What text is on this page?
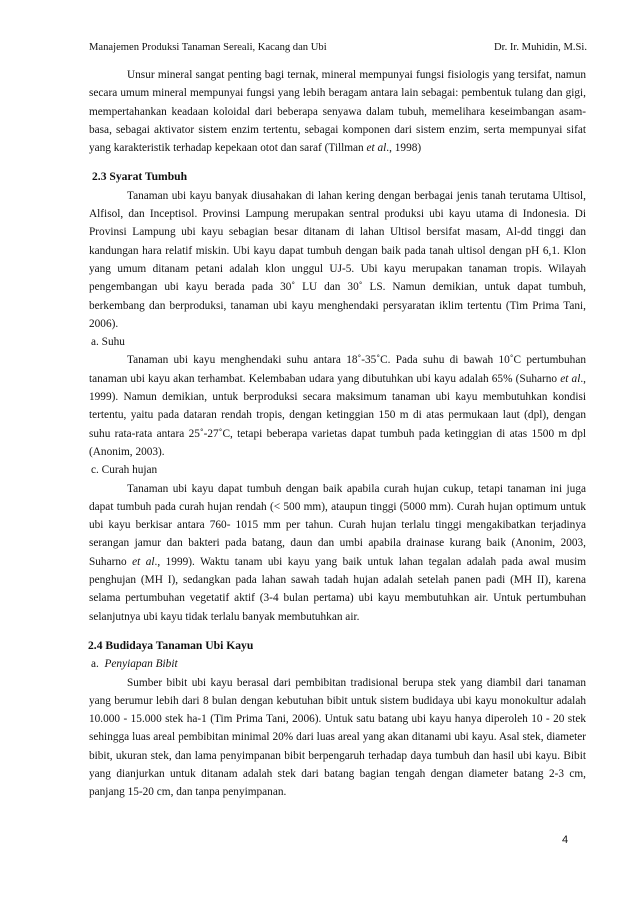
Manajemen Produksi Tanaman Sereali, Kacang dan Ubi	Dr. Ir. Muhidin, M.Si.

Unsur mineral sangat penting bagi ternak, mineral mempunyai fungsi fisiologis yang tersifat, namun secara umum mineral mempunyai fungsi yang lebih beragam antara lain sebagai: pembentuk tulang dan gigi, mempertahankan keadaan koloidal dari beberapa senyawa dalam tubuh, memelihara keseimbangan asam-basa, sebagai aktivator sistem enzim tertentu, sebagai komponen dari sistem enzim, serta mempunyai sifat yang karakteristik terhadap kepekaan otot dan saraf (Tillman et al., 1998)

2.3 Syarat Tumbuh

Tanaman ubi kayu banyak diusahakan di lahan kering dengan berbagai jenis tanah terutama Ultisol, Alfisol, dan Inceptisol. Provinsi Lampung merupakan sentral produksi ubi kayu utama di Indonesia. Di Provinsi Lampung ubi kayu sebagian besar ditanam di lahan Ultisol bersifat masam, Al-dd tinggi dan kandungan hara relatif miskin. Ubi kayu dapat tumbuh dengan baik pada tanah ultisol dengan pH 6,1. Klon yang umum ditanam petani adalah klon unggul UJ-5. Ubi kayu merupakan tanaman tropis. Wilayah pengembangan ubi kayu berada pada 30˚ LU dan 30˚ LS. Namun demikian, untuk dapat tumbuh, berkembang dan berproduksi, tanaman ubi kayu menghendaki persyaratan iklim tertentu (Tim Prima Tani, 2006).

a. Suhu

Tanaman ubi kayu menghendaki suhu antara 18˚-35˚C. Pada suhu di bawah 10˚C pertumbuhan tanaman ubi kayu akan terhambat. Kelembaban udara yang dibutuhkan ubi kayu adalah 65% (Suharno et al., 1999). Namun demikian, untuk berproduksi secara maksimum tanaman ubi kayu membutuhkan kondisi tertentu, yaitu pada dataran rendah tropis, dengan ketinggian 150 m di atas permukaan laut (dpl), dengan suhu rata-rata antara 25˚-27˚C, tetapi beberapa varietas dapat tumbuh pada ketinggian di atas 1500 m dpl (Anonim, 2003).

c. Curah hujan

Tanaman ubi kayu dapat tumbuh dengan baik apabila curah hujan cukup, tetapi tanaman ini juga dapat tumbuh pada curah hujan rendah (< 500 mm), ataupun tinggi (5000 mm). Curah hujan optimum untuk ubi kayu berkisar antara 760- 1015 mm per tahun. Curah hujan terlalu tinggi mengakibatkan terjadinya serangan jamur dan bakteri pada batang, daun dan umbi apabila drainase kurang baik (Anonim, 2003, Suharno et al., 1999). Waktu tanam ubi kayu yang baik untuk lahan tegalan adalah pada awal musim penghujan (MH I), sedangkan pada lahan sawah tadah hujan adalah setelah panen padi (MH II), karena selama pertumbuhan vegetatif aktif (3-4 bulan pertama) ubi kayu membutuhkan air. Untuk pertumbuhan selanjutnya ubi kayu tidak terlalu banyak membutuhkan air.

2.4 Budidaya Tanaman Ubi Kayu
a. Penyiapan Bibit

Sumber bibit ubi kayu berasal dari pembibitan tradisional berupa stek yang diambil dari tanaman yang berumur lebih dari 8 bulan dengan kebutuhan bibit untuk sistem budidaya ubi kayu monokultur adalah 10.000 - 15.000 stek ha-1 (Tim Prima Tani, 2006). Untuk satu batang ubi kayu hanya diperoleh 10 - 20 stek sehingga luas areal pembibitan minimal 20% dari luas areal yang akan ditanami ubi kayu. Asal stek, diameter bibit, ukuran stek, dan lama penyimpanan bibit berpengaruh terhadap daya tumbuh dan hasil ubi kayu. Bibit yang dianjurkan untuk ditanam adalah stek dari batang bagian tengah dengan diameter batang 2-3 cm, panjang 15-20 cm, dan tanpa penyimpanan.

4
